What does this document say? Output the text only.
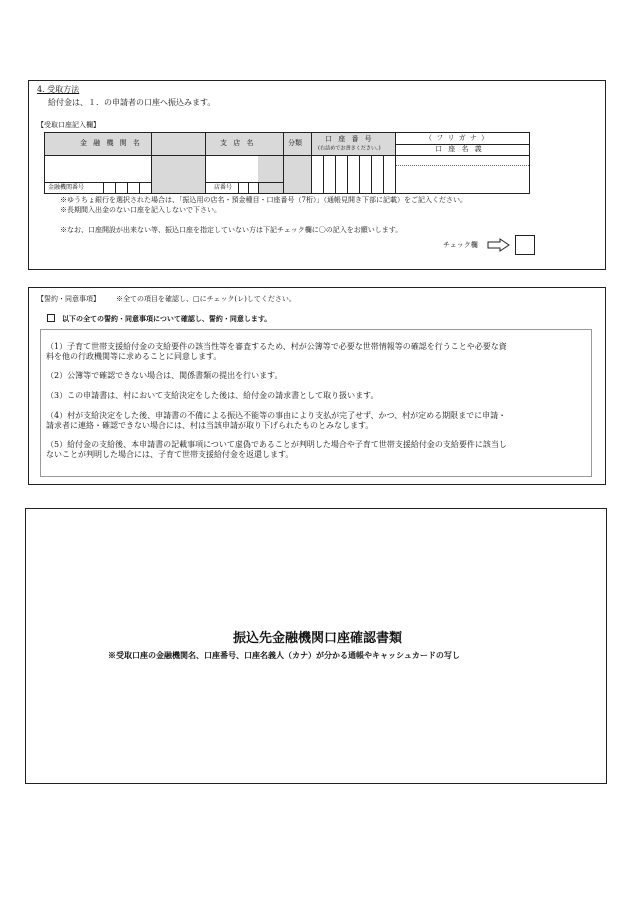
4. 受取方法
給付金は、１．の申請者の口座へ振込みます。
【受取口座記入欄】
金 融 機 関 名	支 店 名	分類	口 座 番 号
(右詰めでお書きください。)
（ フ リ ガ ナ ）
口 座 名 義
金融機関番号	店番号
※ゆうちょ銀行を選択された場合は、「振込用の店名・預金種目・口座番号（7桁）」（通帳見開き下部に記載）をご記入ください。
※長期間入出金のない口座を記入しないで下さい。
※なお、口座開設が出来ない等、振込口座を指定していない方は下記チェック欄に〇の記入をお願いします。
チェック欄
【誓約・同意事項】 ※全ての項目を確認し、□にチェック(レ)してください。
以下の全ての誓約・同意事項について確認し、誓約・同意します。
（1）子育て世帯支援給付金の支給要件の該当性等を審査するため、村が公簿等で必要な世帯情報等の確認を行うことや必要な資
料を他の行政機関等に求めることに同意します。
（2）公簿等で確認できない場合は、関係書類の提出を行います。
（3）この申請書は、村において支給決定をした後は、給付金の請求書として取り扱います。
（4）村が支給決定をした後、申請書の不備による振込不能等の事由により支払が完了せず、かつ、村が定める期限までに申請・
請求者に連絡・確認できない場合には、村は当該申請が取り下げられたものとみなします。
（5）給付金の支給後、本申請書の記載事項について虚偽であることが判明した場合や子育て世帯支援給付金の支給要件に該当し
ないことが判明した場合には、子育て世帯支援給付金を返還します。
振込先金融機関口座確認書類
※受取口座の金融機関名、口座番号、口座名義人（カナ）が分かる通帳やキャッシュカードの写し
